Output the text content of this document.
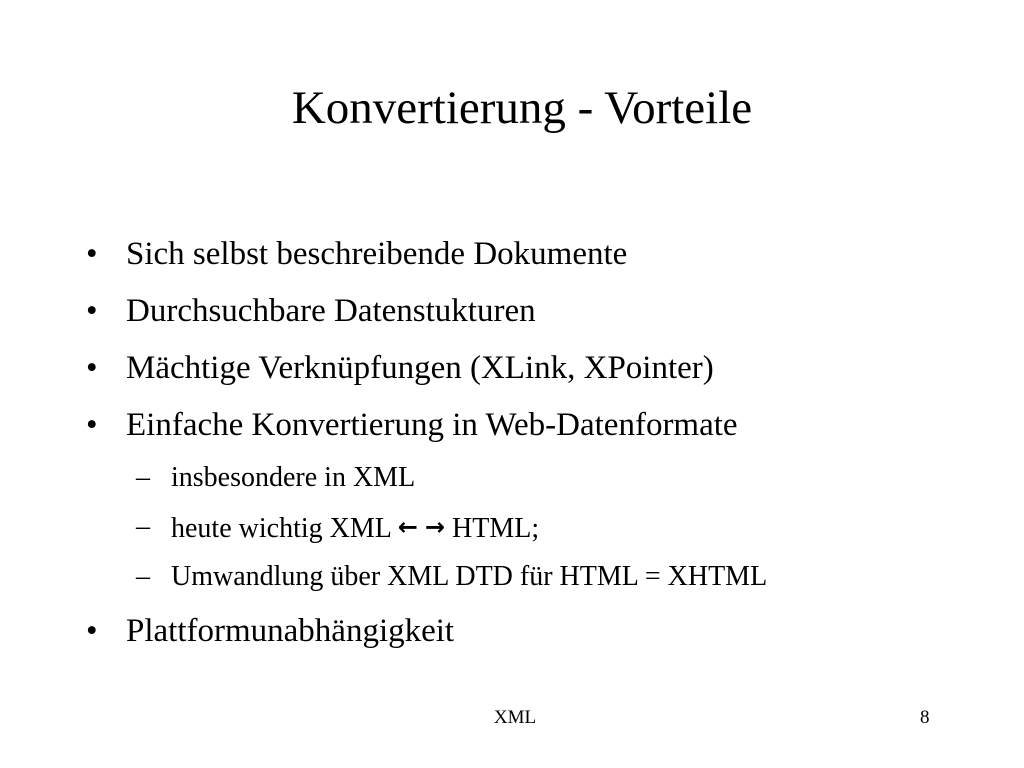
Konvertierung - Vorteile
• Sich selbst beschreibende Dokumente
• Durchsuchbare Datenstukturen
• Mächtige Verknüpfungen (XLink, XPointer)
• Einfache Konvertierung in Web-Datenformate
– insbesondere in XML
– heute wichtig XML ← → HTML;
– Umwandlung über XML DTD für HTML = XHTML
• Plattformunabhängigkeit
XML	8
